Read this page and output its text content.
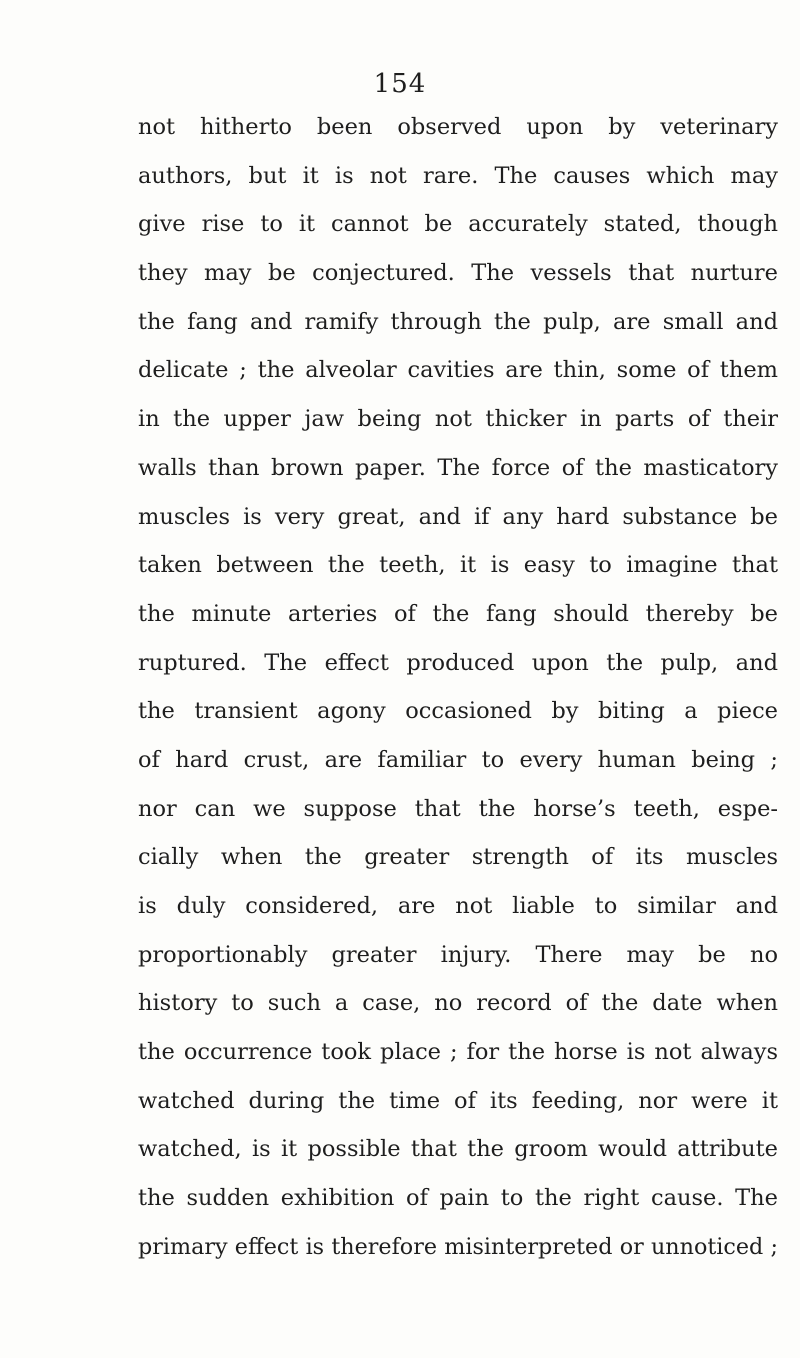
154
not hitherto been observed upon by veterinary
authors, but it is not rare. The causes which may
give rise to it cannot be accurately stated, though
they may be conjectured. The vessels that nurture
the fang and ramify through the pulp, are small and
delicate ; the alveolar cavities are thin, some of them
in the upper jaw being not thicker in parts of their
walls than brown paper. The force of the masticatory
muscles is very great, and if any hard substance be
taken between the teeth, it is easy to imagine that
the minute arteries of the fang should thereby be
ruptured. The effect produced upon the pulp, and
the transient agony occasioned by biting a piece
of hard crust, are familiar to every human being ;
nor can we suppose that the horse’s teeth, espe-
cially when the greater strength of its muscles
is duly considered, are not liable to similar and
proportionably greater injury. There may be no
history to such a case, no record of the date when
the occurrence took place ; for the horse is not always
watched during the time of its feeding, nor were it
watched, is it possible that the groom would attribute
the sudden exhibition of pain to the right cause. The
primary effect is therefore misinterpreted or unnoticed ;
